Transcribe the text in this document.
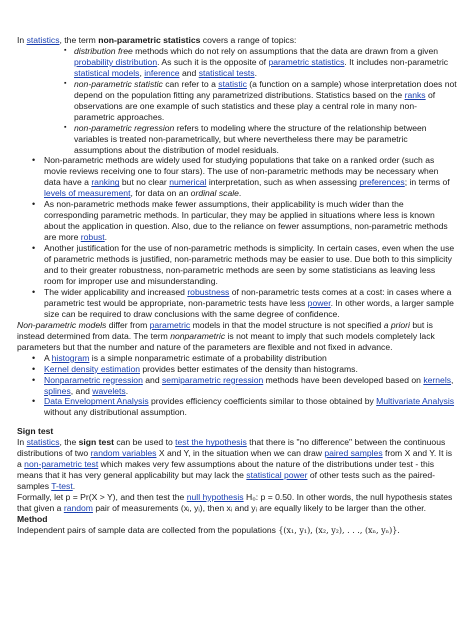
In statistics, the term non-parametric statistics covers a range of topics:

▪ distribution free methods which do not rely on assumptions that the data are drawn from a given probability distribution. As such it is the opposite of parametric statistics. It includes non-parametric statistical models, inference and statistical tests.
▪ non-parametric statistic can refer to a statistic (a function on a sample) whose interpretation does not depend on the population fitting any parametrized distributions. Statistics based on the ranks of observations are one example of such statistics and these play a central role in many non-parametric approaches.
▪ non-parametric regression refers to modeling where the structure of the relationship between variables is treated non-parametrically, but where nevertheless there may be parametric assumptions about the distribution of model residuals.
• Non-parametric methods are widely used for studying populations that take on a ranked order (such as movie reviews receiving one to four stars). The use of non-parametric methods may be necessary when data have a ranking but no clear numerical interpretation, such as when assessing preferences; in terms of levels of measurement, for data on an ordinal scale.
• As non-parametric methods make fewer assumptions, their applicability is much wider than the corresponding parametric methods. In particular, they may be applied in situations where less is known about the application in question. Also, due to the reliance on fewer assumptions, non-parametric methods are more robust.
• Another justification for the use of non-parametric methods is simplicity. In certain cases, even when the use of parametric methods is justified, non-parametric methods may be easier to use. Due both to this simplicity and to their greater robustness, non-parametric methods are seen by some statisticians as leaving less room for improper use and misunderstanding.
• The wider applicability and increased robustness of non-parametric tests comes at a cost: in cases where a parametric test would be appropriate, non-parametric tests have less power. In other words, a larger sample size can be required to draw conclusions with the same degree of confidence.

Non-parametric models differ from parametric models in that the model structure is not specified a priori but is instead determined from data. The term nonparametric is not meant to imply that such models completely lack parameters but that the number and nature of the parameters are flexible and not fixed in advance.

• A histogram is a simple nonparametric estimate of a probability distribution
• Kernel density estimation provides better estimates of the density than histograms.
• Nonparametric regression and semiparametric regression methods have been developed based on kernels, splines, and wavelets.
• Data Envelopment Analysis provides efficiency coefficients similar to those obtained by Multivariate Analysis without any distributional assumption.

Sign test

In statistics, the sign test can be used to test the hypothesis that there is "no difference" between the continuous distributions of two random variables X and Y, in the situation when we can draw paired samples from X and Y. It is a non-parametric test which makes very few assumptions about the nature of the distributions under test - this means that it has very general applicability but may lack the statistical power of other tests such as the paired-samples T-test.

Formally, let p = Pr(X > Y), and then test the null hypothesis H₀: p = 0.50. In other words, the null hypothesis states that given a random pair of measurements (xᵢ, yᵢ), then xᵢ and yᵢ are equally likely to be larger than the other.

Method

Independent pairs of sample data are collected from the populations {(x₁, y₁), (x₂, y₂), . . ., (xₙ, yₙ)}.
